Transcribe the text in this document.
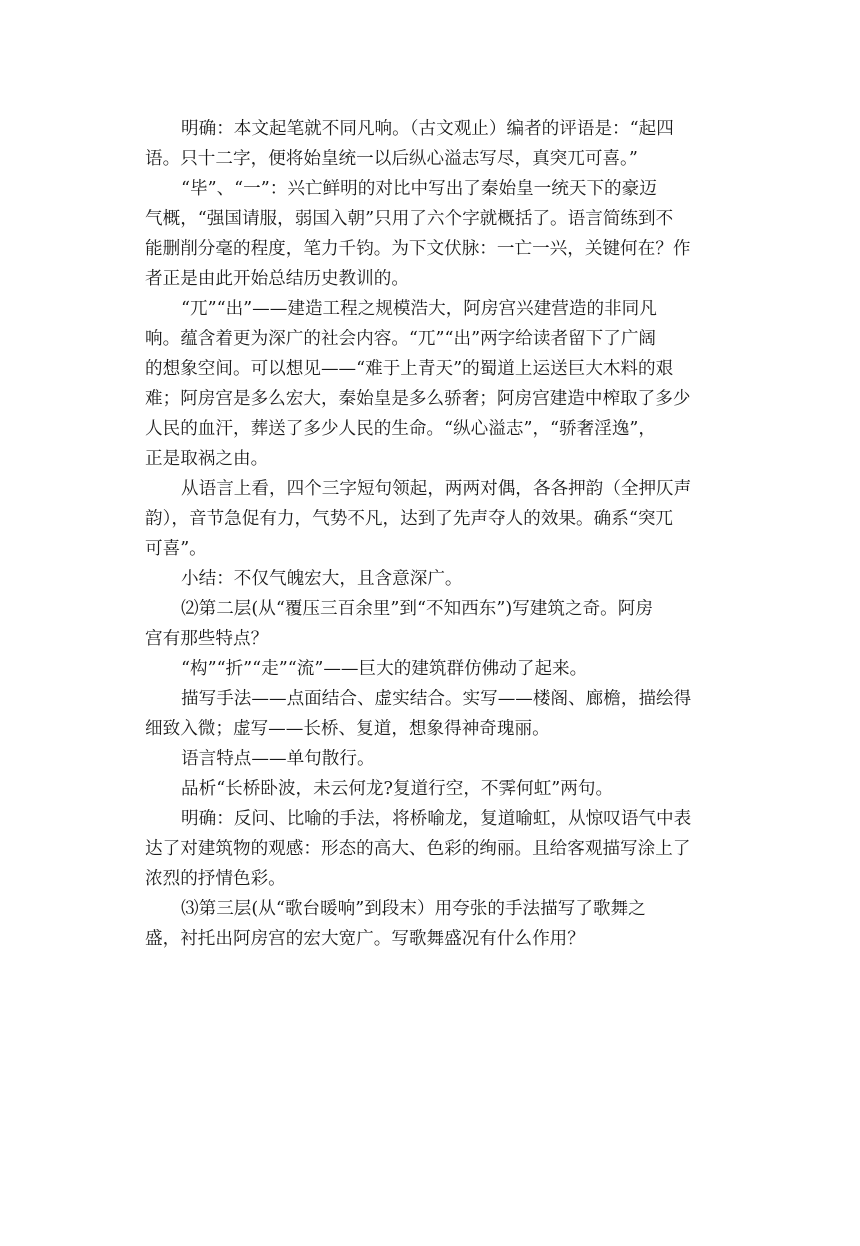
明确：本文起笔就不同凡响。（古文观止）编者的评语是：“起四
语。只十二字，便将始皇统一以后纵心溢志写尽，真突兀可喜。”
“毕”、“一”：兴亡鲜明的对比中写出了秦始皇一统天下的豪迈
气概，“强国请服，弱国入朝”只用了六个字就概括了。语言简练到不
能删削分毫的程度，笔力千钧。为下文伏脉：一亡一兴，关键何在？作
者正是由此开始总结历史教训的。
“兀”“出”——建造工程之规模浩大，阿房宫兴建营造的非同凡
响。蕴含着更为深广的社会内容。“兀”“出”两字给读者留下了广阔
的想象空间。可以想见——“难于上青天”的蜀道上运送巨大木料的艰
难；阿房宫是多么宏大，秦始皇是多么骄奢；阿房宫建造中榨取了多少
人民的血汗，葬送了多少人民的生命。“纵心溢志”，“骄奢淫逸”，
正是取祸之由。
从语言上看，四个三字短句领起，两两对偶，各各押韵（全押仄声
韵），音节急促有力，气势不凡，达到了先声夺人的效果。确系“突兀
可喜”。
小结：不仅气魄宏大，且含意深广。
⑵第二层(从“覆压三百余里”到“不知西东”)写建筑之奇。阿房
宫有那些特点？
“构”“折”“走”“流”——巨大的建筑群仿佛动了起来。
描写手法——点面结合、虚实结合。实写——楼阁、廊檐，描绘得
细致入微；虚写——长桥、复道，想象得神奇瑰丽。
语言特点——单句散行。
品析“长桥卧波，未云何龙?复道行空，不霁何虹”两句。
明确：反问、比喻的手法，将桥喻龙，复道喻虹，从惊叹语气中表
达了对建筑物的观感：形态的高大、色彩的绚丽。且给客观描写涂上了
浓烈的抒情色彩。
⑶第三层(从“歌台暖响”到段末）用夸张的手法描写了歌舞之
盛，衬托出阿房宫的宏大宽广。写歌舞盛况有什么作用？
